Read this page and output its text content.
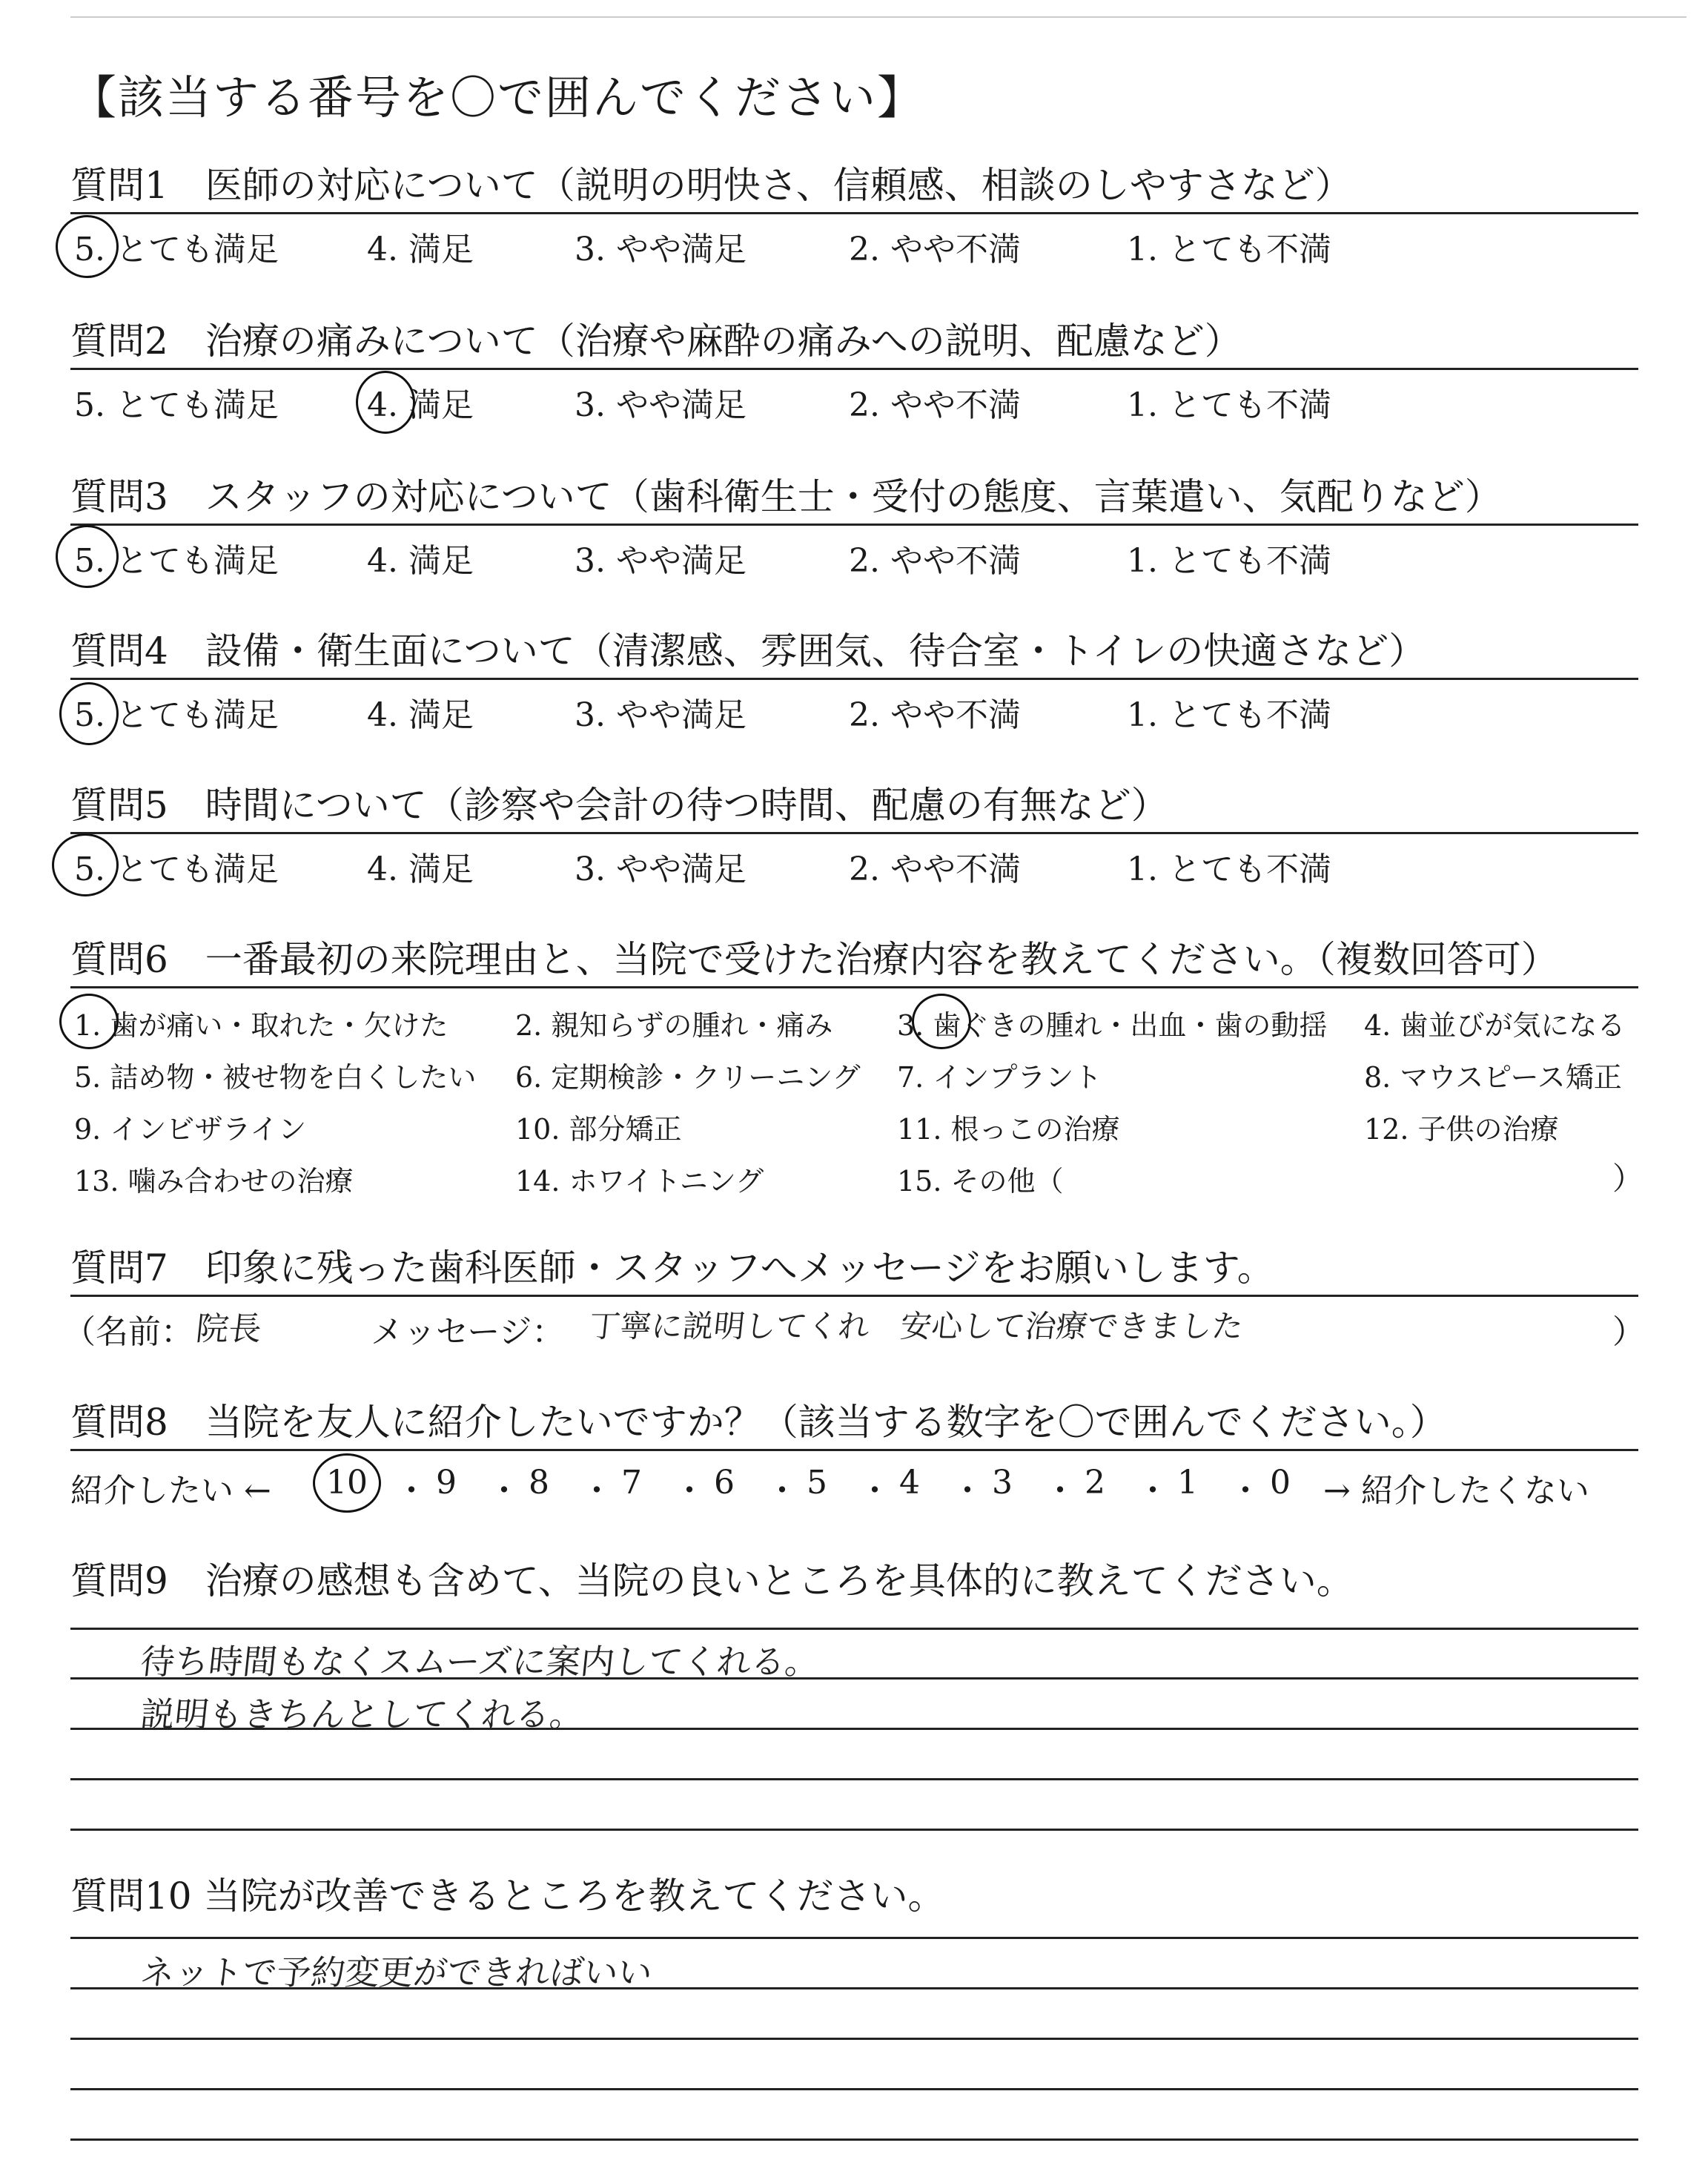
【該当する番号を〇で囲んでください】
質問1　医師の対応について（説明の明快さ、信頼感、相談のしやすさなど）
5. とても満足	4. 満足	3. やや満足	2. やや不満	1. とても不満
質問2　治療の痛みについて（治療や麻酔の痛みへの説明、配慮など）
5. とても満足	4. 満足	3. やや満足	2. やや不満	1. とても不満
質問3　スタッフの対応について（歯科衛生士・受付の態度、言葉遣い、気配りなど）
5. とても満足	4. 満足	3. やや満足	2. やや不満	1. とても不満
質問4　設備・衛生面について（清潔感、雰囲気、待合室・トイレの快適さなど）
5. とても満足	4. 満足	3. やや満足	2. やや不満	1. とても不満
質問5　時間について（診察や会計の待つ時間、配慮の有無など）
5. とても満足	4. 満足	3. やや満足	2. やや不満	1. とても不満
質問6　一番最初の来院理由と、当院で受けた治療内容を教えてください。（複数回答可）
1. 歯が痛い・取れた・欠けた 2. 親知らずの腫れ・痛み 3. 歯ぐきの腫れ・出血・歯の動揺 4. 歯並びが気になる
5. 詰め物・被せ物を白くしたい 6. 定期検診・クリーニング 7. インプラント	8. マウスピース矯正
9. インビザライン	10. 部分矯正	11. 根っこの治療	12. 子供の治療
13. 噛み合わせの治療	14. ホワイトニング	15. その他（	）
質問7　印象に残った歯科医師・スタッフへメッセージをお願いします。
（名前： 院長	メッセージ： 丁寧に説明してくれ　安心して治療できました	）
質問8　当院を友人に紹介したいですか？（該当する数字を〇で囲んでください。）
紹介したい ← 10 ・ 9 ・ 8 ・ 7 ・ 6 ・ 5 ・ 4 ・ 3 ・ 2 ・ 1 ・ 0 → 紹介したくない
質問9　治療の感想も含めて、当院の良いところを具体的に教えてください。
待ち時間もなくスムーズに案内してくれる。
説明もきちんとしてくれる。
質問10 当院が改善できるところを教えてください。
ネットで予約変更ができればいい
